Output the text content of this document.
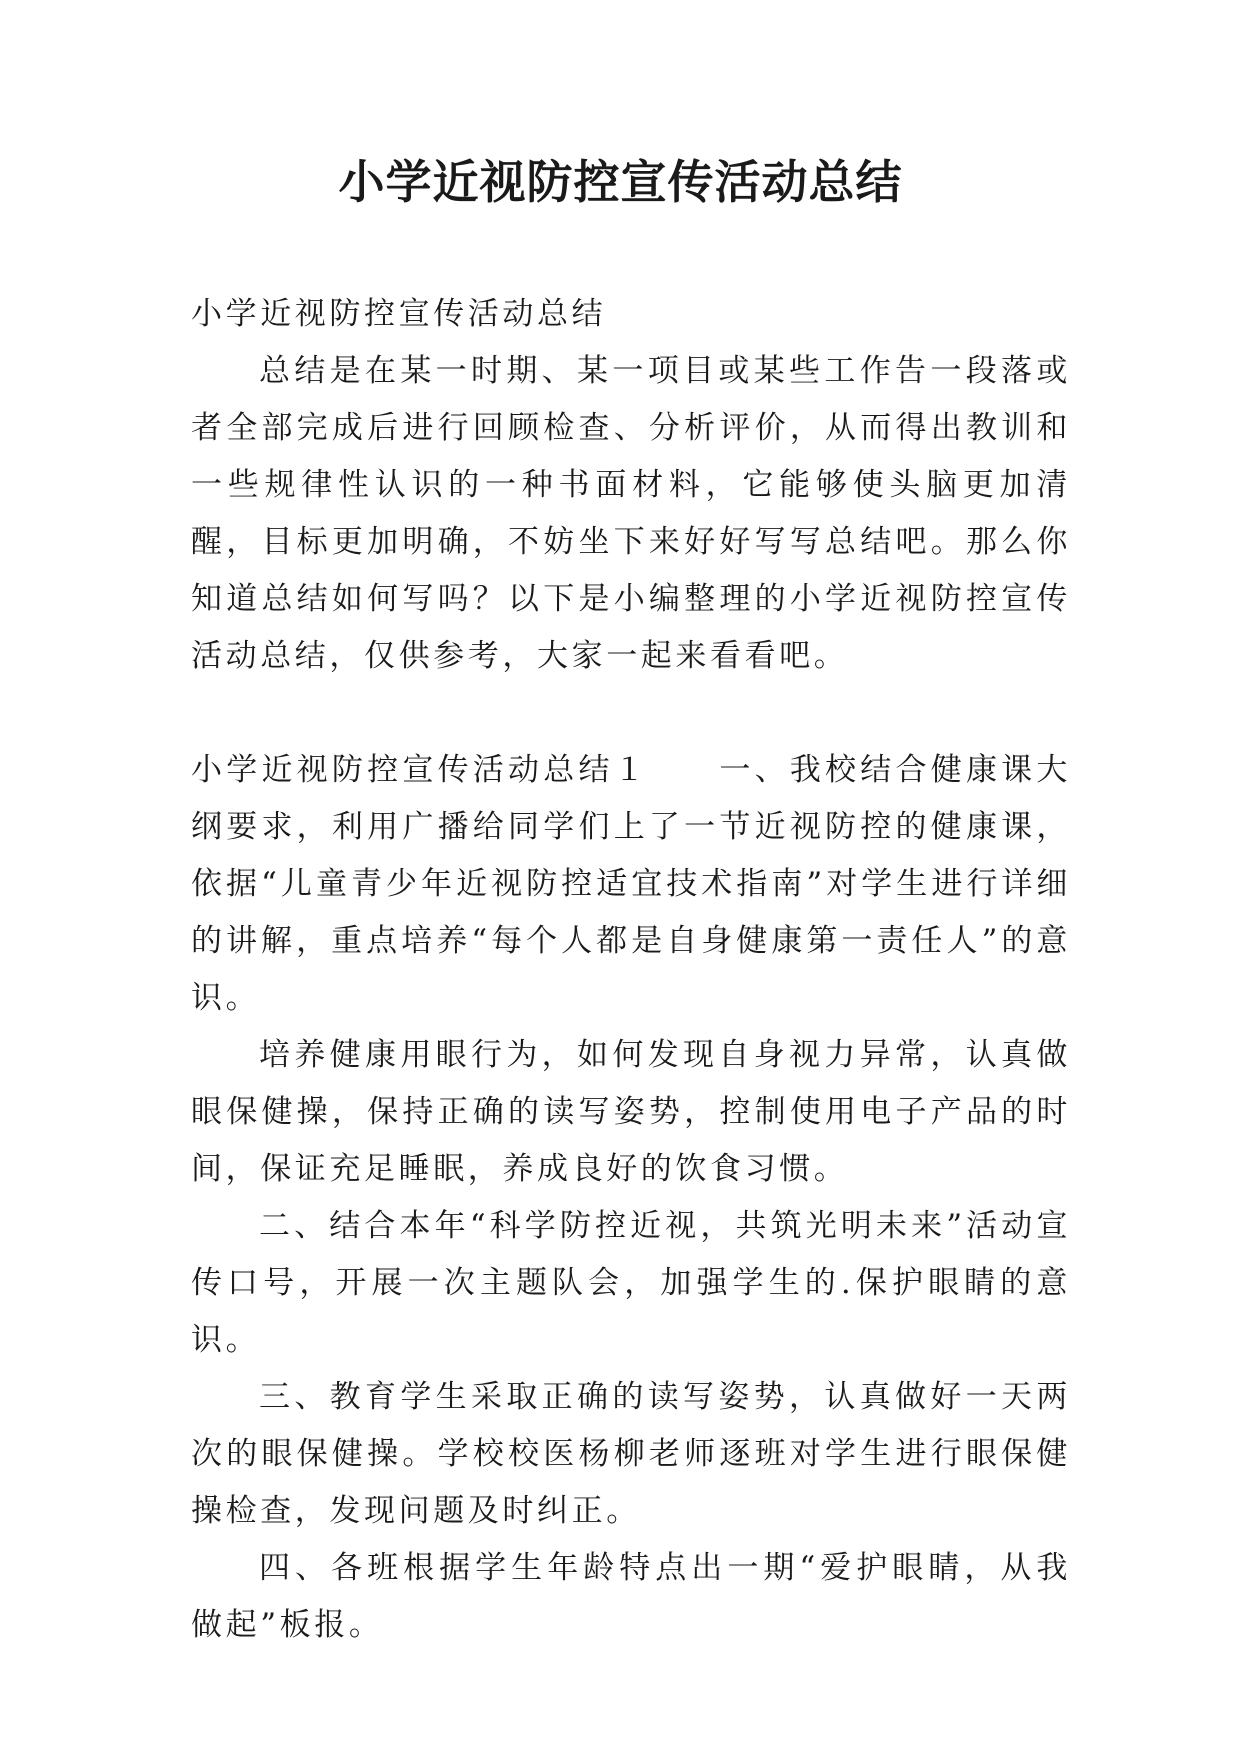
小学近视防控宣传活动总结

小学近视防控宣传活动总结

总结是在某一时期、某一项目或某些工作告一段落或者全部完成后进行回顾检查、分析评价，从而得出教训和一些规律性认识的一种书面材料，它能够使头脑更加清醒，目标更加明确，不妨坐下来好好写写总结吧。那么你知道总结如何写吗？以下是小编整理的小学近视防控宣传活动总结，仅供参考，大家一起来看看吧。

小学近视防控宣传活动总结１　　一、我校结合健康课大纲要求，利用广播给同学们上了一节近视防控的健康课，依据“儿童青少年近视防控适宜技术指南”对学生进行详细的讲解，重点培养“每个人都是自身健康第一责任人”的意识。

培养健康用眼行为，如何发现自身视力异常，认真做眼保健操，保持正确的读写姿势，控制使用电子产品的时间，保证充足睡眠，养成良好的饮食习惯。

二、结合本年“科学防控近视，共筑光明未来”活动宣传口号，开展一次主题队会，加强学生的.保护眼睛的意识。

三、教育学生采取正确的读写姿势，认真做好一天两次的眼保健操。学校校医杨柳老师逐班对学生进行眼保健操检查，发现问题及时纠正。

四、各班根据学生年龄特点出一期“爱护眼睛，从我做起”板报。
